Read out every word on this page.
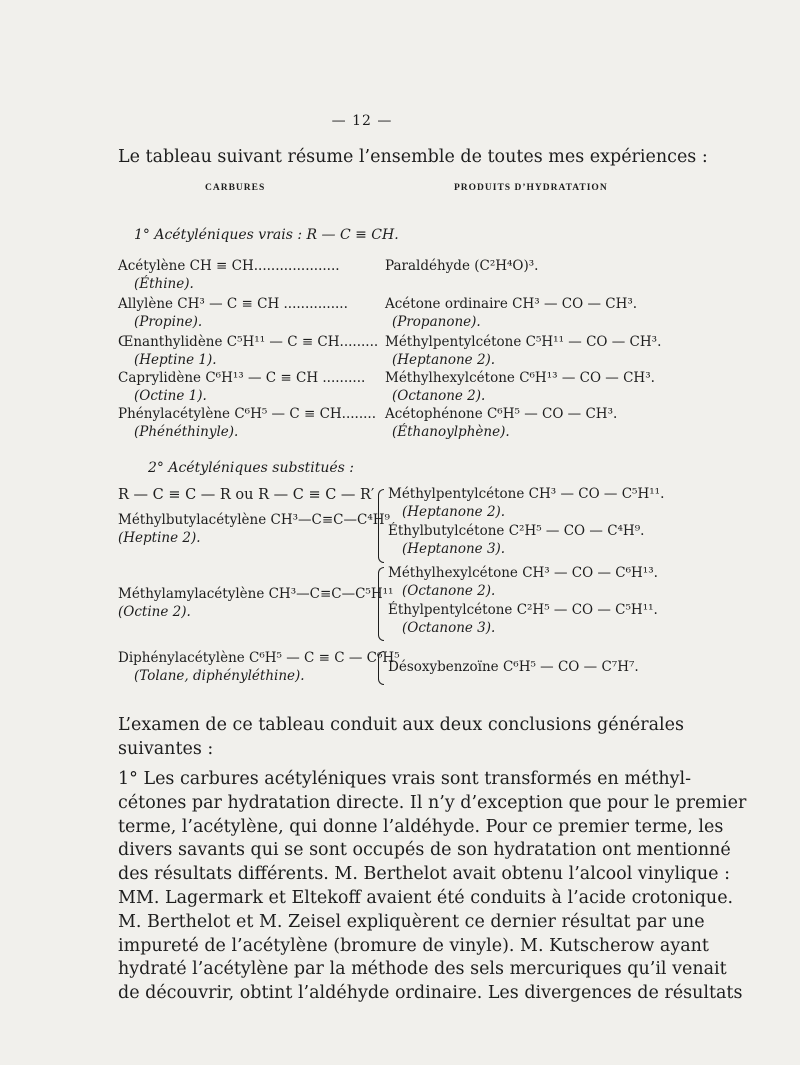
— 12 —
Le tableau suivant résume l’ensemble de toutes mes expériences :
CARBURES	PRODUITS D’HYDRATATION
1° Acétyléniques vrais : R — C ≡ CH.
Acétylène CH ≡ CH....................
(Éthine).
Paraldéhyde (C²H⁴O)³.
Allylène CH³ — C ≡ CH ...............
(Propine).
Acétone ordinaire CH³ — CO — CH³.
(Propanone).
Œnanthylidène C⁵H¹¹ — C ≡ CH.........
(Heptine 1).
Méthylpentylcétone C⁵H¹¹ — CO — CH³.
(Heptanone 2).
Caprylidène C⁶H¹³ — C ≡ CH ..........
(Octine 1).
Méthylhexylcétone C⁶H¹³ — CO — CH³.
(Octanone 2).
Phénylacétylène C⁶H⁵ — C ≡ CH........
(Phénéthinyle).
Acétophénone C⁶H⁵ — CO — CH³.
(Éthanoylphène).
2° Acétyléniques substitués :
R — C ≡ C — R ou R — C ≡ C — R′
Méthylbutylacétylène CH³—C≡C—C⁴H⁹
(Heptine 2).
Méthylpentylcétone CH³ — CO — C⁵H¹¹.
(Heptanone 2).
Éthylbutylcétone C²H⁵ — CO — C⁴H⁹.
(Heptanone 3).
Méthylamylacétylène CH³—C≡C—C⁵H¹¹
(Octine 2).
Méthylhexylcétone CH³ — CO — C⁶H¹³.
(Octanone 2).
Éthylpentylcétone C²H⁵ — CO — C⁵H¹¹.
(Octanone 3).
Diphénylacétylène C⁶H⁵ — C ≡ C — C⁶H⁵
(Tolane, diphényléthine).
Désoxybenzoïne C⁶H⁵ — CO — C⁷H⁷.
L’examen de ce tableau conduit aux deux conclusions générales
suivantes :
1° Les carbures acétyléniques vrais sont transformés en méthyl-
cétones par hydratation directe. Il n’y d’exception que pour le premier
terme, l’acétylène, qui donne l’aldéhyde. Pour ce premier terme, les
divers savants qui se sont occupés de son hydratation ont mentionné
des résultats différents. M. Berthelot avait obtenu l’alcool vinylique :
MM. Lagermark et Eltekoff avaient été conduits à l’acide crotonique.
M. Berthelot et M. Zeisel expliquèrent ce dernier résultat par une
impureté de l’acétylène (bromure de vinyle). M. Kutscherow ayant
hydraté l’acétylène par la méthode des sels mercuriques qu’il venait
de découvrir, obtint l’aldéhyde ordinaire. Les divergences de résultats
